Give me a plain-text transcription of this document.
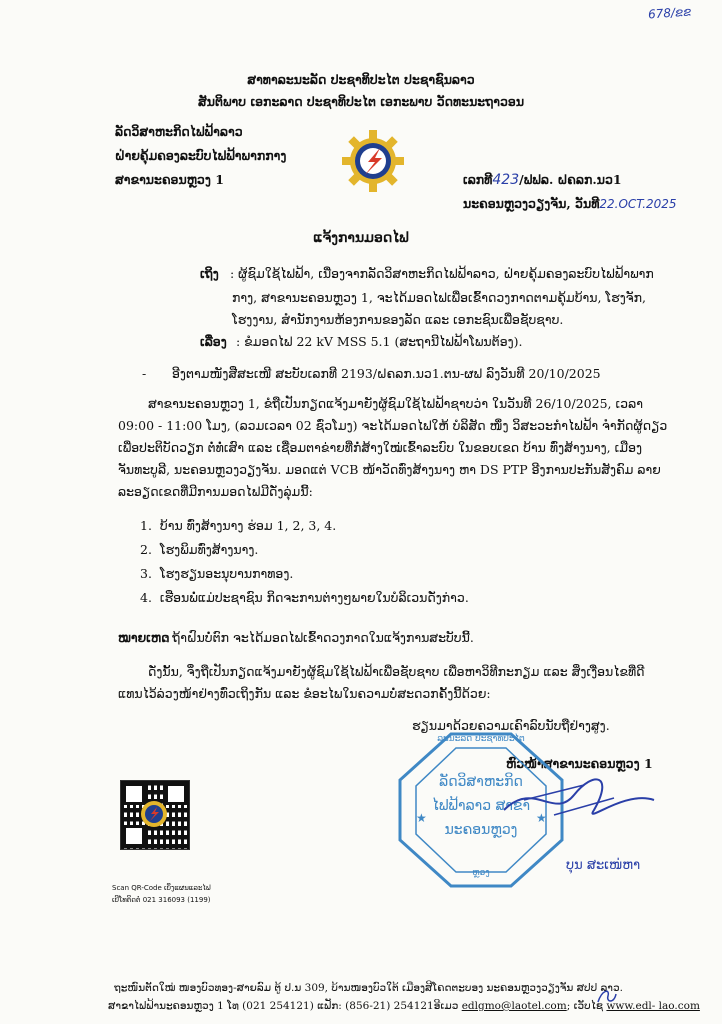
678/ຂຂ
ສາທາລະນະລັດ ປະຊາທິປະໄຕ ປະຊາຊົນລາວ
ສັນຕິພາບ ເອກະລາດ ປະຊາທິປະໄຕ ເອກະພາບ ວັດທະນະຖາວອນ
ລັດວິສາຫະກິດໄຟຟ້າລາວ
ຝ່າຍຄຸ້ມຄອງລະບົບໄຟຟ້າພາກກາງ
ສາຂານະຄອນຫຼວງ 1	ເລກທີ423/ຟຟລ. ຝຄລກ.ນວ1
ນະຄອນຫຼວງວຽງຈັນ, ວັນທີ22.OCT.2025
ແຈ້ງການມອດໄຟ
ເຖິງ : ຜູ້ຊົມໃຊ້ໄຟຟ້າ, ເນື່ອງຈາກລັດວິສາຫະກິດໄຟຟ້າລາວ, ຝ່າຍຄຸ້ມຄອງລະບົບໄຟຟ້າພາກ
ກາງ, ສາຂານະຄອນຫຼວງ 1, ຈະໄດ້ມອດໄຟເພື່ອເຂົ້າດວງກາດຕາມຄຸ້ມບ້ານ, ໂຮງຈັກ,
ໂຮງງານ, ສໍານັກງານຫ້ອງການຂອງລັດ ແລະ ເອກະຊົນເພື່ອຊັບຊາບ.
ເລື່ອງ : ຂໍມອດໄຟ 22 kV MSS 5.1 (ສະຖານີໄຟຟ້າໂພນຕ້ອງ).
- ອີງຕາມໜັງສືສະເໜີ ສະບັບເລກທີ 2193/ຝຄລກ.ນວ1.ຕນ-ຜຟ ລົງວັນທີ 20/10/2025
ສາຂານະຄອນຫຼວງ 1, ຂໍຖືເປັນກຽດແຈ້ງມາຍັງຜູ້ຊົມໃຊ້ໄຟຟ້າຊາບວ່າ ໃນວັນທີ 26/10/2025, ເວລາ
09:00 - 11:00 ໂມງ, (ລວມເວລາ 02 ຊົ່ວໂມງ) ຈະໄດ້ມອດໄຟໃຫ້ ບໍລິສັດ ໜຶ່ງ ວິສະວະກໍາໄຟຟ້າ ຈໍາກັດຜູ້ດຽວ
ເພື່ອປະຕິບັດວຽກ ຕໍ່ທໍ່ເສົາ ແລະ ເຊື່ອມຕາຂ່າຍທີ່ກໍ່ສ້າງໃໝ່ເຂົ້າລະບົບ ໃນຂອບເຂດ ບ້ານ ທົ່ງສ້າງນາງ, ເມືອງ
ຈັນທະບູລີ, ນະຄອນຫຼວງວຽງຈັນ. ມອດແຕ່ VCB ໜ້າວັດທົ່ງສ້າງນາງ ຫາ DS PTP ອີງການປະກັນສັງຄົມ ລາຍ
ລະອຽດເຂດທີ່ມີການມອດໄຟມີດັ່ງລຸ່ມນີ້:
1. ບ້ານ ທົ່ງສ້າງນາງ ຮ່ອມ 1, 2, 3, 4.
2. ໂຮງພິມທົ່ງສ້າງນາງ.
3. ໂຮງຮຽນອະນຸບານກາທອງ.
4. ເຮືອນພໍ່ແມ່ປະຊາຊົນ ກິດຈະການຕ່າງໆພາຍໃນບໍລິເວນດັ່ງກ່າວ.
ໝາຍເຫດ
: ຖ້າຝົນບໍ່ຕົກ ຈະໄດ້ມອດໄຟເຂົ້າດວງກາດໃນແຈ້ງການສະບັບນີ້.
ດັ່ງນັ້ນ, ຈຶ່ງຖືເປັນກຽດແຈ້ງມາຍັງຜູ້ຊົມໃຊ້ໄຟຟ້າເພື່ອຊັບຊາບ ເພື່ອຫາວິທີກະກຽມ ແລະ ສິ່ງເງື່ອນໄຂທີ່ດີ
ແທນໄວ້ລ່ວງໜ້າຢ່າງທົ່ວເຖິງກັນ ແລະ ຂໍອະໄພໃນຄວາມບໍ່ສະດວກຄັ້ງນີ້ດ້ວຍ:
ຮຽນມາດ້ວຍຄວາມເຄົາລົບນັບຖືຢ່າງສູງ.
ຫົວໜ້າສາຂານະຄອນຫຼວງ 1
★	★
ລະນະລັດ ປະຊາທິປະໄຕ
ລັດວິສາຫະກິດ
ໄຟຟ້າລາວ ສາຂາ
ນະຄອນຫຼວງ
ຫຼວງ	ບຸນ ສະເໜ່ຫາ
Scan QR-Code ເບິ່ງແຜນແລະໄຟ
ເບີໂທຕິດຕໍ່ 021 316093 (1199)
ຖະໜົນຕັດໃໝ່ ໜອງບົວທອງ-ສາຍລົມ ຕູ້ ປ.ນ 309, ບ້ານໜອງບົວໃຕ້ ເມືອງສີໂຄດຕະບອງ ນະຄອນຫຼວງວຽງຈັນ ສປປ ລາວ.
ສາຂາໄຟຟ້ານະຄອນຫຼວງ 1 ໂທ (021 254121) ແຟັກ: (856-21) 254121ອີເມວ edlgmo@laotel.com; ເວັບໄຊ www.edl- lao.com
